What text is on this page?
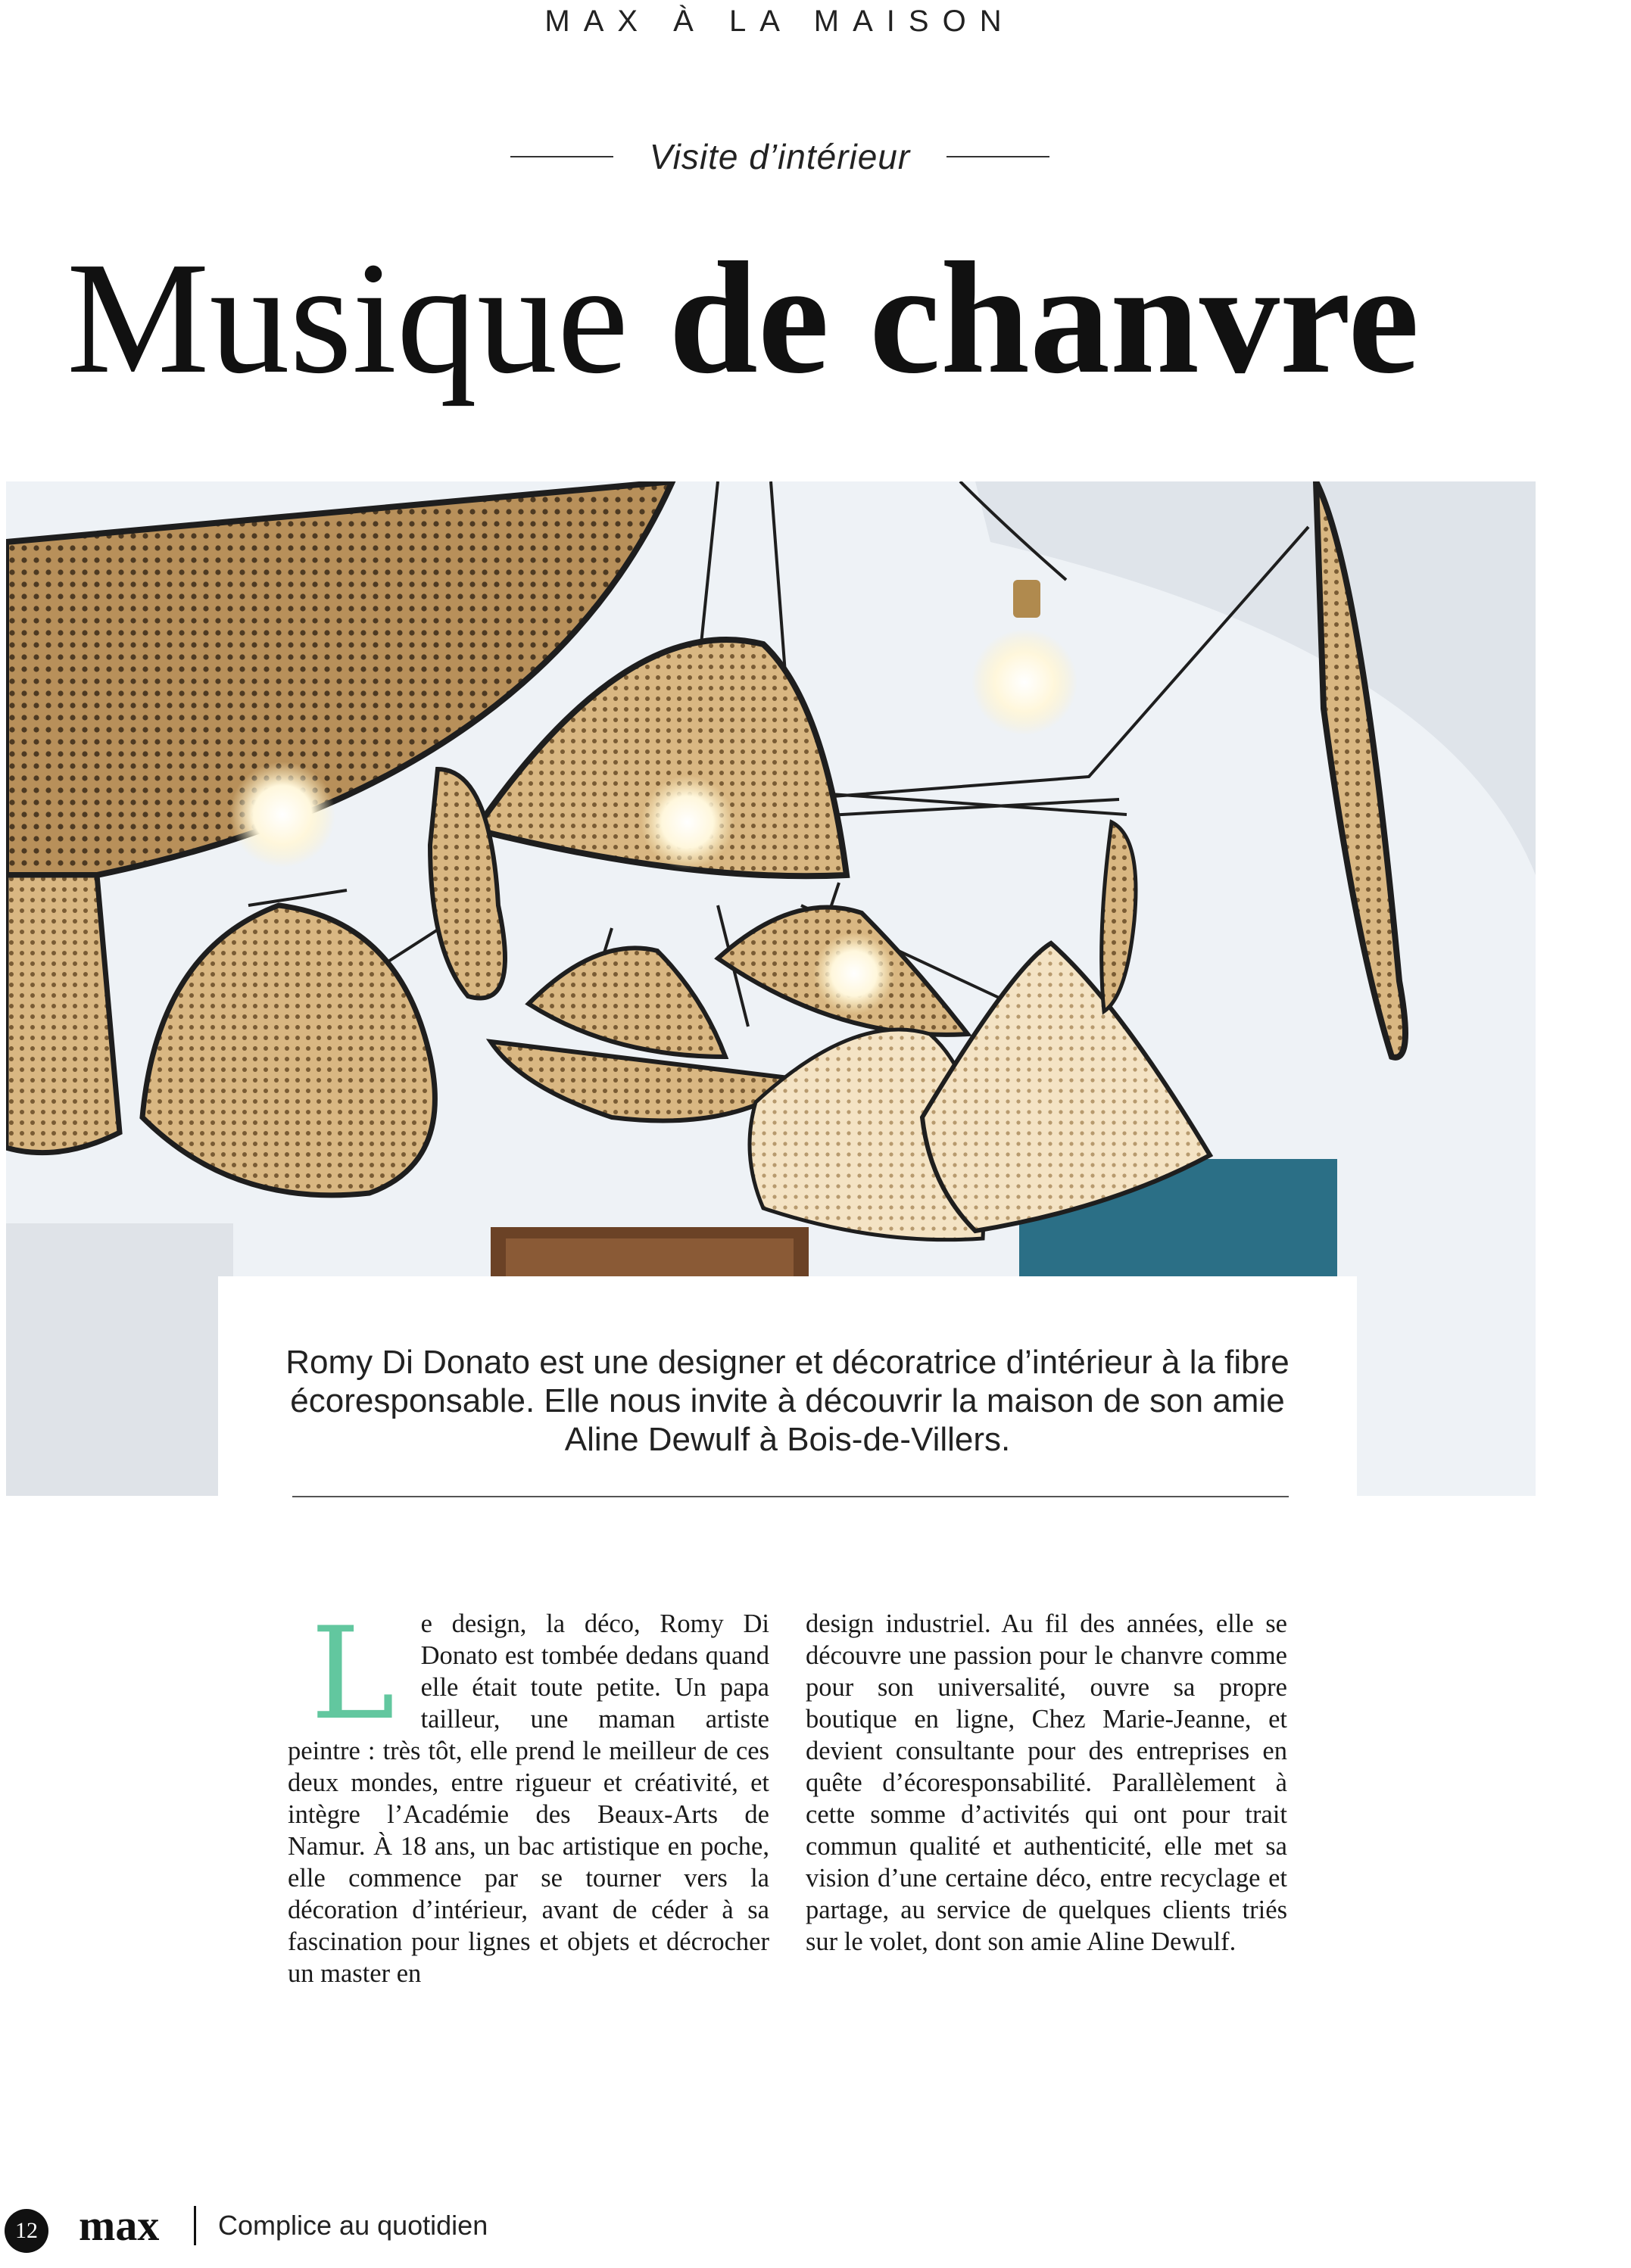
MAX À LA MAISON
Visite d’intérieur
Musique de chanvre
Romy Di Donato est une designer et décoratrice d’intérieur à la fibre écoresponsable. Elle nous invite à découvrir la maison de son amie Aline Dewulf à Bois-de-Villers.
Le design, la déco, Romy Di Donato est tombée dedans quand elle était toute petite. Un papa tailleur, une maman artiste peintre : très tôt, elle prend le meilleur de ces deux mondes, entre rigueur et créativité, et intègre l’Académie des Beaux-Arts de Namur. À 18 ans, un bac artistique en poche, elle commence par se tourner vers la décoration d’intérieur, avant de céder à sa fascination pour lignes et objets et décrocher un master en
design industriel. Au fil des années, elle se découvre une passion pour le chanvre comme pour son universalité, ouvre sa propre boutique en ligne, Chez Marie-Jeanne, et devient consultante pour des entreprises en quête d’écoresponsabilité. Parallèlement à cette somme d’activités qui ont pour trait commun qualité et authenticité, elle met sa vision d’une certaine déco, entre recyclage et partage, au service de quelques clients triés sur le volet, dont son amie Aline Dewulf.
12 max Complice au quotidien
